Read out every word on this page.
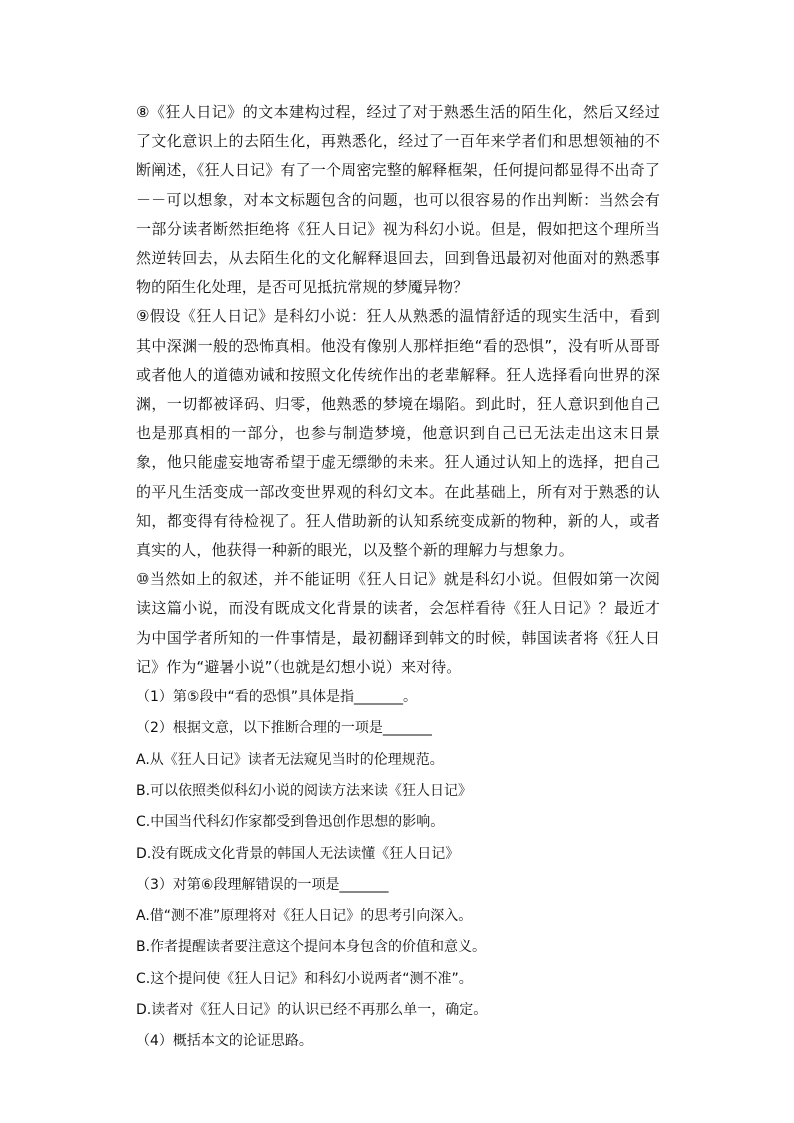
⑧《狂人日记》的文本建构过程，经过了对于熟悉生活的陌生化，然后又经过了文化意识上的去陌生化，再熟悉化，经过了一百年来学者们和思想领袖的不断阐述，《狂人日记》有了一个周密完整的解释框架，任何提问都显得不出奇了 －－可以想象，对本文标题包含的问题，也可以很容易的作出判断：当然会有一部分读者断然拒绝将《狂人日记》视为科幻小说。但是，假如把这个理所当然逆转回去，从去陌生化的文化解释退回去，回到鲁迅最初对他面对的熟悉事物的陌生化处理，是否可见抵抗常规的梦魇异物？

⑨假设《狂人日记》是科幻小说：狂人从熟悉的温情舒适的现实生活中，看到其中深渊一般的恐怖真相。他没有像别人那样拒绝“看的恐惧”，没有听从哥哥或者他人的道德劝诫和按照文化传统作出的老辈解释。狂人选择看向世界的深渊，一切都被译码、归零，他熟悉的梦境在塌陷。到此时，狂人意识到他自己也是那真相的一部分，也参与制造梦境，他意识到自己已无法走出这末日景象，他只能虚妄地寄希望于虚无缥缈的未来。狂人通过认知上的选择，把自己的平凡生活变成一部改变世界观的科幻文本。在此基础上，所有对于熟悉的认知，都变得有待检视了。狂人借助新的认知系统变成新的物种，新的人，或者真实的人，他获得一种新的眼光，以及整个新的理解力与想象力。

⑩当然如上的叙述，并不能证明《狂人日记》就是科幻小说。但假如第一次阅读这篇小说，而没有既成文化背景的读者，会怎样看待《狂人日记》？最近才为中国学者所知的一件事情是，最初翻译到韩文的时候，韩国读者将《狂人日记》作为“避暑小说”（也就是幻想小说）来对待。

（1）第⑤段中“看的恐惧”具体是指_______。

（2）根据文意，以下推断合理的一项是_______

A.从《狂人日记》读者无法窥见当时的伦理规范。

B.可以依照类似科幻小说的阅读方法来读《狂人日记》

C.中国当代科幻作家都受到鲁迅创作思想的影响。

D.没有既成文化背景的韩国人无法读懂《狂人日记》

（3）对第⑥段理解错误的一项是_______

A.借“测不准”原理将对《狂人日记》的思考引向深入。

B.作者提醒读者要注意这个提问本身包含的价值和意义。

C.这个提问使《狂人日记》和科幻小说两者“测不准”。

D.读者对《狂人日记》的认识已经不再那么单一，确定。

（4）概括本文的论证思路。
